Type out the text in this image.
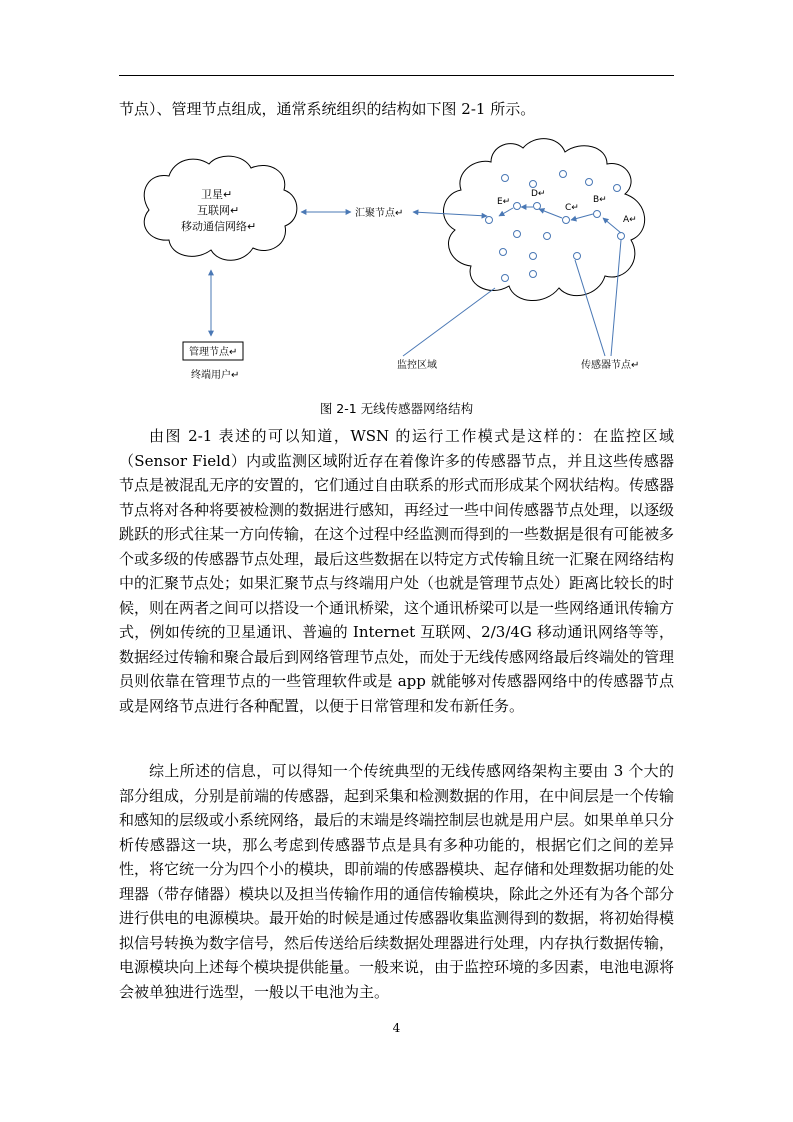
节点）、管理节点组成，通常系统组织的结构如下图 2-1 所示。
卫星↵
互联网↵
移动通信网络↵
E↵
D↵
C↵
B↵
A↵
汇聚节点↵
管理节点↵
终端用户↵
监控区域	传感器节点↵
图 2-1 无线传感器网络结构

由图 2-1 表述的可以知道，WSN 的运行工作模式是这样的：在监控区域（Sensor Field）内或监测区域附近存在着像许多的传感器节点，并且这些传感器节点是被混乱无序的安置的，它们通过自由联系的形式而形成某个网状结构。传感器节点将对各种将要被检测的数据进行感知，再经过一些中间传感器节点处理，以逐级跳跃的形式往某一方向传输，在这个过程中经监测而得到的一些数据是很有可能被多个或多级的传感器节点处理，最后这些数据在以特定方式传输且统一汇聚在网络结构中的汇聚节点处；如果汇聚节点与终端用户处（也就是管理节点处）距离比较长的时候，则在两者之间可以搭设一个通讯桥梁，这个通讯桥梁可以是一些网络通讯传输方式，例如传统的卫星通讯、普遍的 Internet 互联网、2/3/4G 移动通讯网络等等，数据经过传输和聚合最后到网络管理节点处，而处于无线传感网络最后终端处的管理员则依靠在管理节点的一些管理软件或是 app 就能够对传感器网络中的传感器节点或是网络节点进行各种配置，以便于日常管理和发布新任务。

综上所述的信息，可以得知一个传统典型的无线传感网络架构主要由 3 个大的部分组成，分别是前端的传感器，起到采集和检测数据的作用，在中间层是一个传输和感知的层级或小系统网络，最后的末端是终端控制层也就是用户层。如果单单只分析传感器这一块，那么考虑到传感器节点是具有多种功能的，根据它们之间的差异性，将它统一分为四个小的模块，即前端的传感器模块、起存储和处理数据功能的处理器（带存储器）模块以及担当传输作用的通信传输模块，除此之外还有为各个部分进行供电的电源模块。最开始的时候是通过传感器收集监测得到的数据，将初始得模拟信号转换为数字信号，然后传送给后续数据处理器进行处理，内存执行数据传输，电源模块向上述每个模块提供能量。一般来说，由于监控环境的多因素，电池电源将会被单独进行选型，一般以干电池为主。

4
